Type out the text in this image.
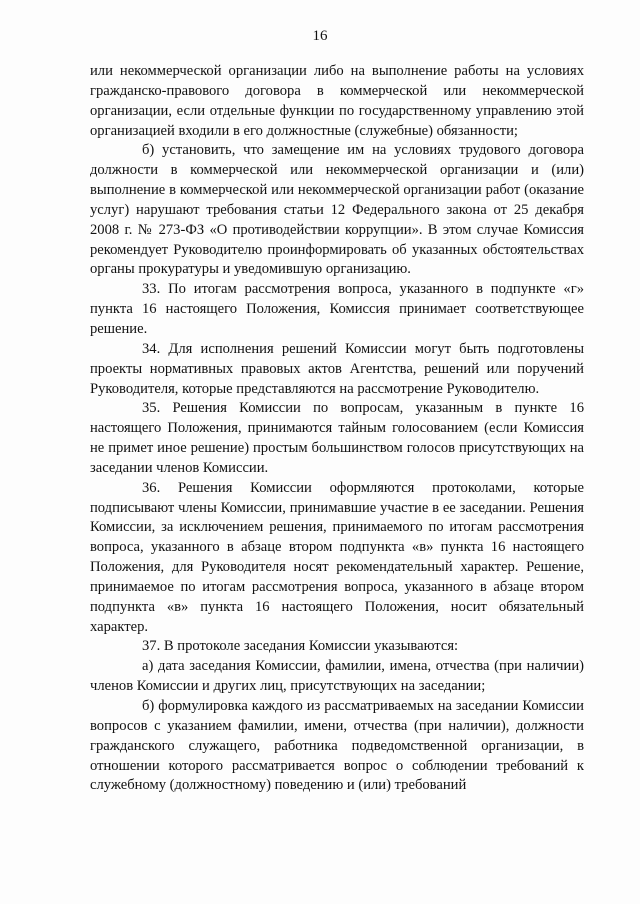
16

или некоммерческой организации либо на выполнение работы на условиях гражданско-правового договора в коммерческой или некоммерческой организации, если отдельные функции по государственному управлению этой организацией входили в его должностные (служебные) обязанности;

б) установить, что замещение им на условиях трудового договора должности в коммерческой или некоммерческой организации и (или) выполнение в коммерческой или некоммерческой организации работ (оказание услуг) нарушают требования статьи 12 Федерального закона от 25 декабря 2008 г. № 273-ФЗ «О противодействии коррупции». В этом случае Комиссия рекомендует Руководителю проинформировать об указанных обстоятельствах органы прокуратуры и уведомившую организацию.

33. По итогам рассмотрения вопроса, указанного в подпункте «г» пункта 16 настоящего Положения, Комиссия принимает соответствующее решение.

34. Для исполнения решений Комиссии могут быть подготовлены проекты нормативных правовых актов Агентства, решений или поручений Руководителя, которые представляются на рассмотрение Руководителю.

35. Решения Комиссии по вопросам, указанным в пункте 16 настоящего Положения, принимаются тайным голосованием (если Комиссия не примет иное решение) простым большинством голосов присутствующих на заседании членов Комиссии.

36. Решения Комиссии оформляются протоколами, которые подписывают члены Комиссии, принимавшие участие в ее заседании. Решения Комиссии, за исключением решения, принимаемого по итогам рассмотрения вопроса, указанного в абзаце втором подпункта «в» пункта 16 настоящего Положения, для Руководителя носят рекомендательный характер. Решение, принимаемое по итогам рассмотрения вопроса, указанного в абзаце втором подпункта «в» пункта 16 настоящего Положения, носит обязательный характер.

37. В протоколе заседания Комиссии указываются:

а) дата заседания Комиссии, фамилии, имена, отчества (при наличии) членов Комиссии и других лиц, присутствующих на заседании;

б) формулировка каждого из рассматриваемых на заседании Комиссии вопросов с указанием фамилии, имени, отчества (при наличии), должности гражданского служащего, работника подведомственной организации, в отношении которого рассматривается вопрос о соблюдении требований к служебному (должностному) поведению и (или) требований
